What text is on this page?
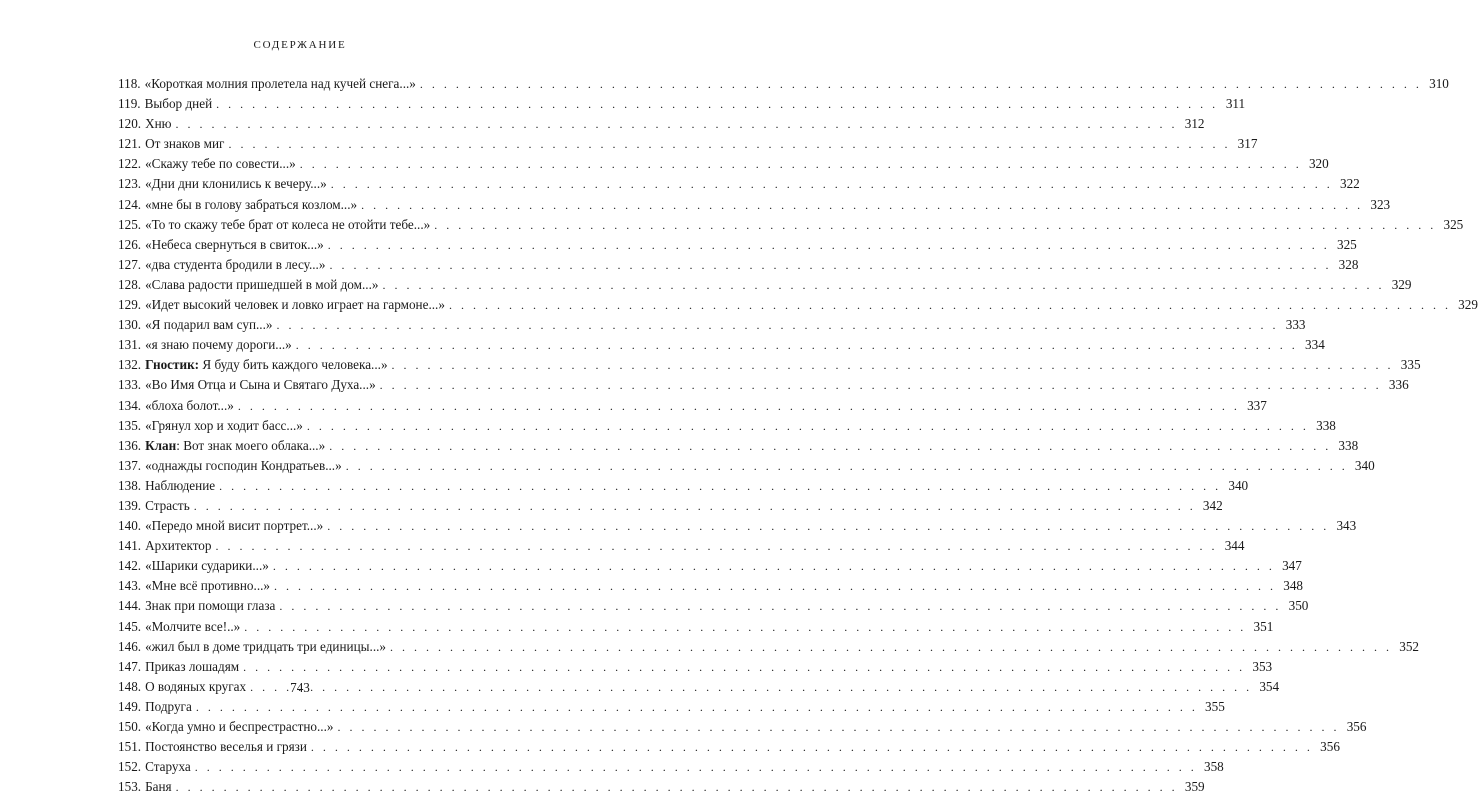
СОДЕРЖАНИЕ
118. «Короткая молния пролетела над кучей снега...» . . .	310
119. Выбор дней . . .	311
120. Хню . . .	312
121. От знаков миг . . .	317
122. «Скажу тебе по совести...» . . .	320
123. «Дни дни клонились к вечеру...» . . .	322
124. «мне бы в голову забраться козлом...» . . .	323
125. «То то скажу тебе брат от колеса не отойти тебе...» . . .	325
126. «Небеса свернуться в свиток...» . . .	325
127. «два студента бродили в лесу...» . . .	328
128. «Слава радости пришедшей в мой дом...» . . .	329
129. «Идет высокий человек и ловко играет на гармоне...» . . .	329
130. «Я подарил вам суп...» . . .	333
131. «я знаю почему дороги...» . . .	334
132. Гностик: Я буду бить каждого человека...» . . .	335
133. «Во Имя Отца и Сына и Святаго Духа...» . . .	336
134. «блоха болот...» . . .	337
135. «Грянул хор и ходит басс...» . . .	338
136. Клан: Вот знак моего облака...» . . .	338
137. «однажды господин Кондратьев...» . . .	340
138. Наблюдение . . .	340
139. Страсть . . .	342
140. «Передо мной висит портрет...» . . .	343
141. Архитектор . . .	344
142. «Шарики сударики...» . . .	347
143. «Мне всё противно...» . . .	348
144. Знак при помощи глаза . . .	350
145. «Молчите все!..» . . .	351
146. «жил был в доме тридцать три единицы...» . . .	352
147. Приказ лошадям . . .	353
148. О водяных кругах . . .	354
149. Подруга . . .	355
150. «Когда умно и беспрестрастно...» . . .	356
151. Постоянство веселья и грязи . . .	356
152. Старуха . . .	358
153. Баня . . .	359
743
